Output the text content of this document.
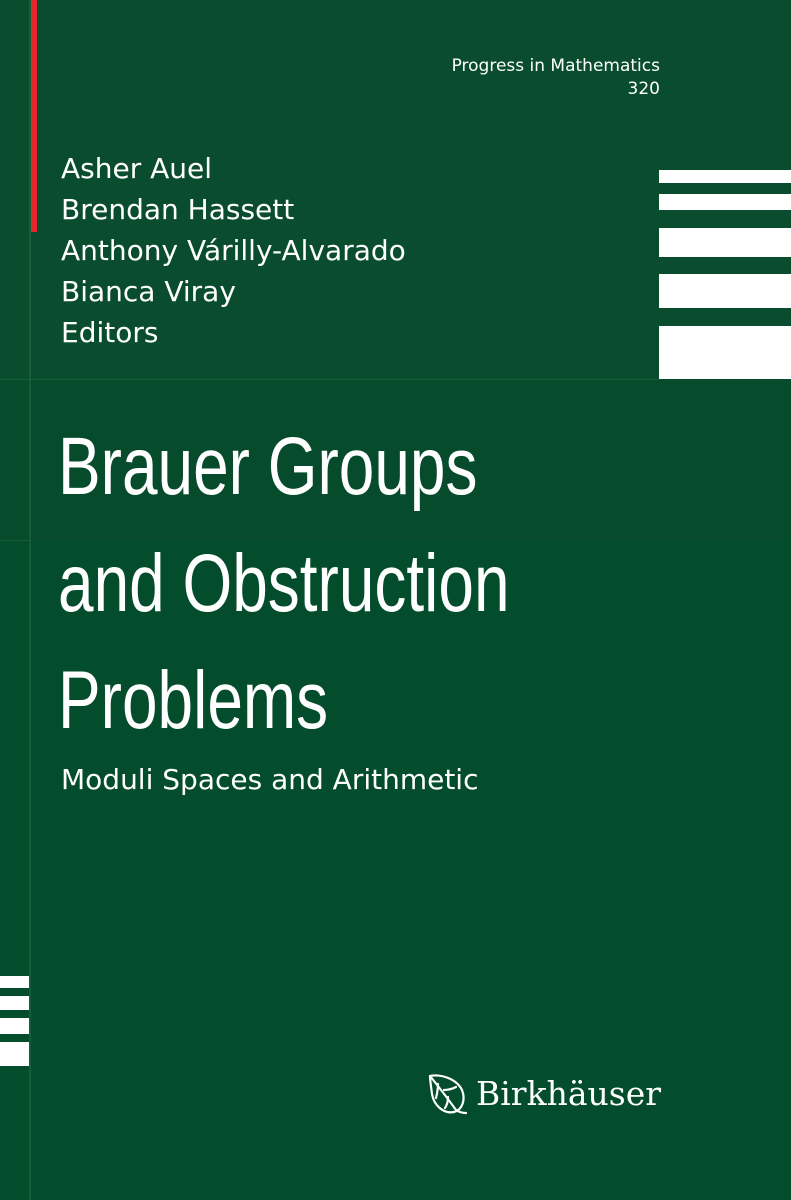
Progress in Mathematics
320
Asher Auel
Brendan Hassett
Anthony Várilly-Alvarado
Bianca Viray
Editors
Brauer Groups
and Obstruction
Problems
Moduli Spaces and Arithmetic
Birkhäuser
